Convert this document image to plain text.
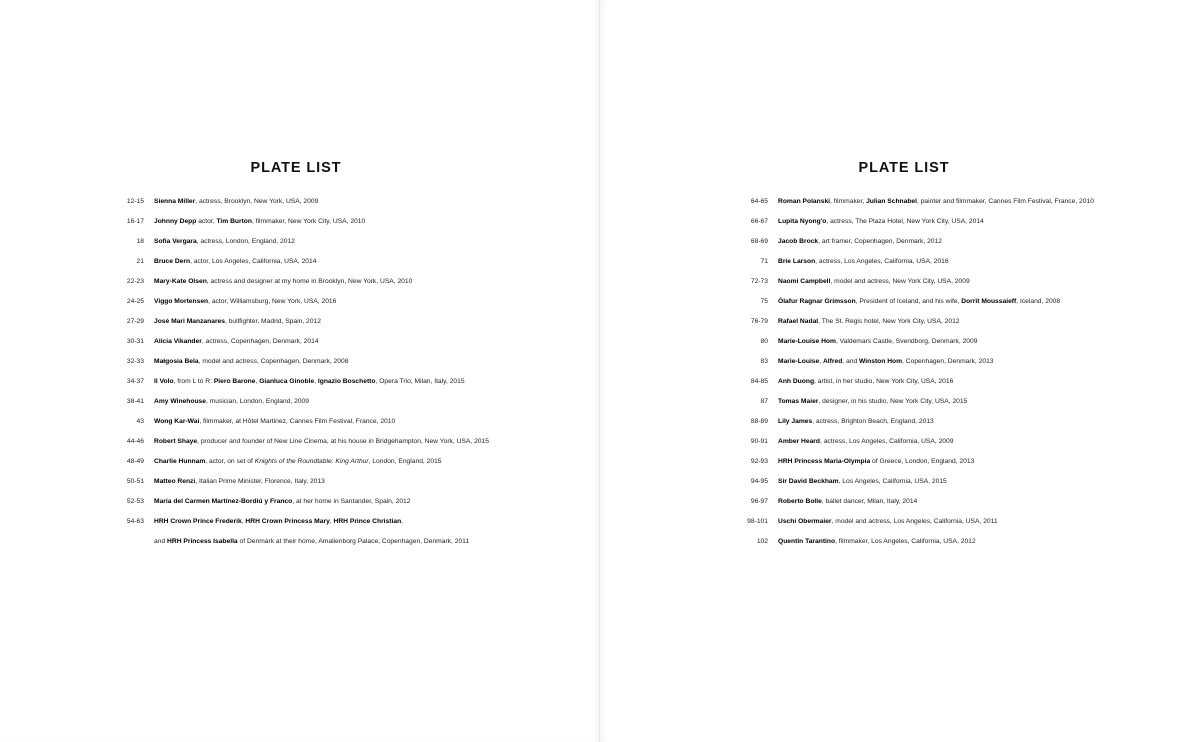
PLATE LIST
12-15 Sienna Miller, actress, Brooklyn, New York, USA, 2009
16-17 Johnny Depp actor, Tim Burton, filmmaker, New York City, USA, 2010
18 Sofía Vergara, actress, London, England, 2012
21 Bruce Dern, actor, Los Angeles, California, USA, 2014
22-23 Mary-Kate Olsen, actress and designer at my home in Brooklyn, New York, USA, 2010
24-25 Viggo Mortensen, actor, Williamsburg, New York, USA, 2016
27-29 José Mari Manzanares, bullfighter, Madrid, Spain, 2012
30-31 Alicia Vikander, actress, Copenhagen, Denmark, 2014
32-33 Małgosia Bela, model and actress, Copenhagen, Denmark, 2008
34-37 Il Volo, from L to R: Piero Barone, Gianluca Ginoble, Ignazio Boschetto, Opera Trio, Milan, Italy, 2015
38-41 Amy Winehouse, musician, London, England, 2009
43 Wong Kar-Wai, filmmaker, at Hôtel Martinez, Cannes Film Festival, France, 2010
44-46 Robert Shaye, producer and founder of New Line Cinema, at his house in Bridgehampton, New York, USA, 2015
48-49 Charlie Hunnam, actor, on set of Knights of the Roundtable: King Arthur, London, England, 2015
50-51 Matteo Renzi, Italian Prime Minister, Florence, Italy, 2013
52-53 María del Carmen Martínez-Bordiú y Franco, at her home in Santander, Spain, 2012
54-63 HRH Crown Prince Frederik, HRH Crown Princess Mary, HRH Prince Christian,
and HRH Princess Isabella of Denmark at their home, Amalienborg Palace, Copenhagen, Denmark, 2011
PLATE LIST
64-65 Roman Polanski, filmmaker, Julian Schnabel, painter and filmmaker, Cannes Film Festival, France, 2010
66-67 Lupita Nyong'o, actress, The Plaza Hotel, New York City, USA, 2014
68-69 Jacob Brock, art framer, Copenhagen, Denmark, 2012
71 Brie Larson, actress, Los Angeles, California, USA, 2016
72-73 Naomi Campbell, model and actress, New York City, USA, 2009
75 Ólafur Ragnar Grímsson, President of Iceland, and his wife, Dorrit Moussaieff, Iceland, 2008
76-79 Rafael Nadal, The St. Regis hotel, New York City, USA, 2012
80 Marie-Louise Hom, Valdemars Castle, Svendborg, Denmark, 2009
83 Marie-Louise, Alfred, and Winston Hom, Copenhagen, Denmark, 2013
84-85 Anh Duong, artist, in her studio, New York City, USA, 2016
87 Tomas Maier, designer, in his studio, New York City, USA, 2015
88-89 Lily James, actress, Brighton Beach, England, 2013
90-91 Amber Heard, actress, Los Angeles, California, USA, 2009
92-93 HRH Princess Maria-Olympia of Greece, London, England, 2013
94-95 Sir David Beckham, Los Angeles, California, USA, 2015
96-97 Roberto Bolle, ballet dancer, Milan, Italy, 2014
98-101 Uschi Obermaier, model and actress, Los Angeles, California, USA, 2011
102 Quentin Tarantino, filmmaker, Los Angeles, California, USA, 2012
